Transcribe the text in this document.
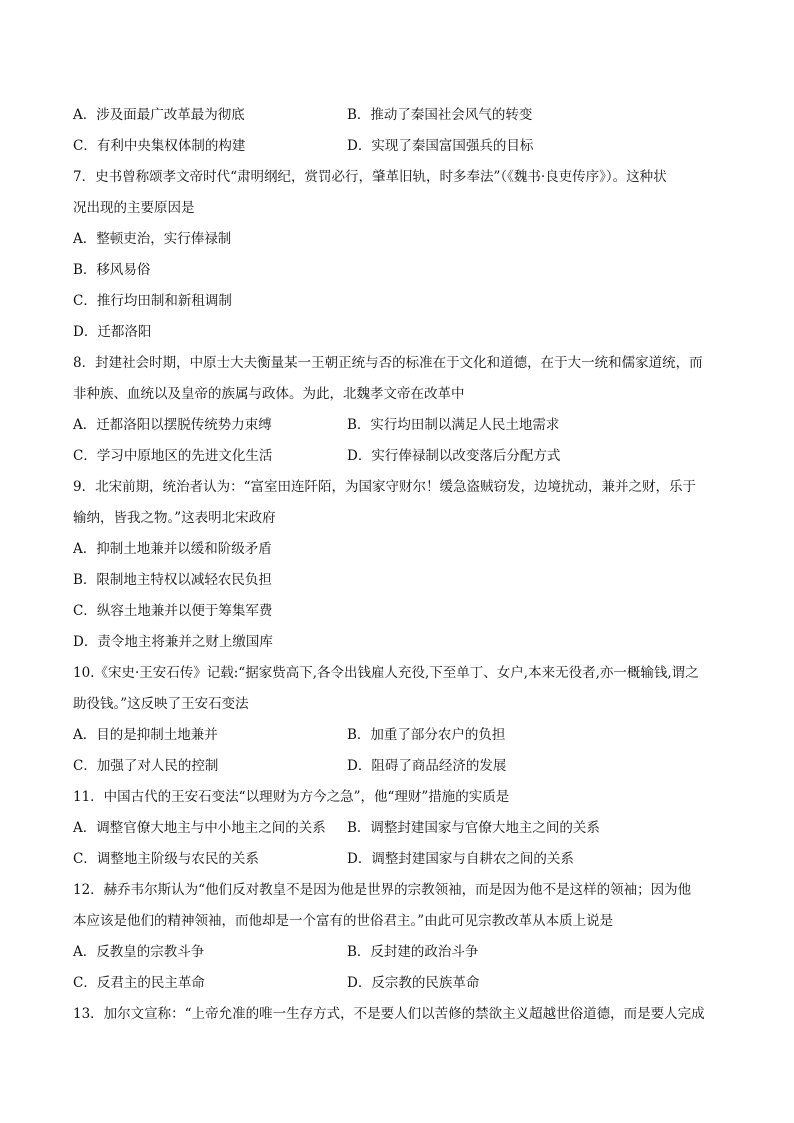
A．涉及面最广改革最为彻底	B．推动了秦国社会风气的转变
C．有利中央集权体制的构建	D．实现了秦国富国强兵的目标
7．史书曾称颂孝文帝时代“肃明纲纪，赏罚必行，肇革旧轨，时多奉法”（《魏书·良吏传序》）。这种状
况出现的主要原因是
A．整顿吏治，实行俸禄制
B．移风易俗
C．推行均田制和新租调制
D．迁都洛阳
8．封建社会时期，中原士大夫衡量某一王朝正统与否的标准在于文化和道德，在于大一统和儒家道统，而
非种族、血统以及皇帝的族属与政体。为此，北魏孝文帝在改革中
A．迁都洛阳以摆脱传统势力束缚	B．实行均田制以满足人民土地需求
C．学习中原地区的先进文化生活	D．实行俸禄制以改变落后分配方式
9．北宋前期，统治者认为：“富室田连阡陌，为国家守财尔！缓急盗贼窃发，边境扰动，兼并之财，乐于
输纳，皆我之物。”这表明北宋政府
A．抑制土地兼并以缓和阶级矛盾
B．限制地主特权以减轻农民负担
C．纵容土地兼并以便于筹集军费
D．责令地主将兼并之财上缴国库
10.《宋史·王安石传》记载:“据家赀高下,各令出钱雇人充役,下至单丁、女户,本来无役者,亦一概输钱,谓之
助役钱。”这反映了王安石变法
A．目的是抑制土地兼并	B．加重了部分农户的负担
C．加强了对人民的控制	D．阻碍了商品经济的发展
11．中国古代的王安石变法“以理财为方今之急”，他“理财”措施的实质是
A．调整官僚大地主与中小地主之间的关系 B．调整封建国家与官僚大地主之间的关系
C．调整地主阶级与农民的关系	D．调整封建国家与自耕农之间的关系
12．赫乔韦尔斯认为“他们反对教皇不是因为他是世界的宗教领袖，而是因为他不是这样的领袖；因为他
本应该是他们的精神领袖，而他却是一个富有的世俗君主。”由此可见宗教改革从本质上说是
A．反教皇的宗教斗争	B．反封建的政治斗争
C．反君主的民主革命	D．反宗教的民族革命
13．加尔文宣称：“上帝允准的唯一生存方式，不是要人们以苦修的禁欲主义超越世俗道德，而是要人完成
